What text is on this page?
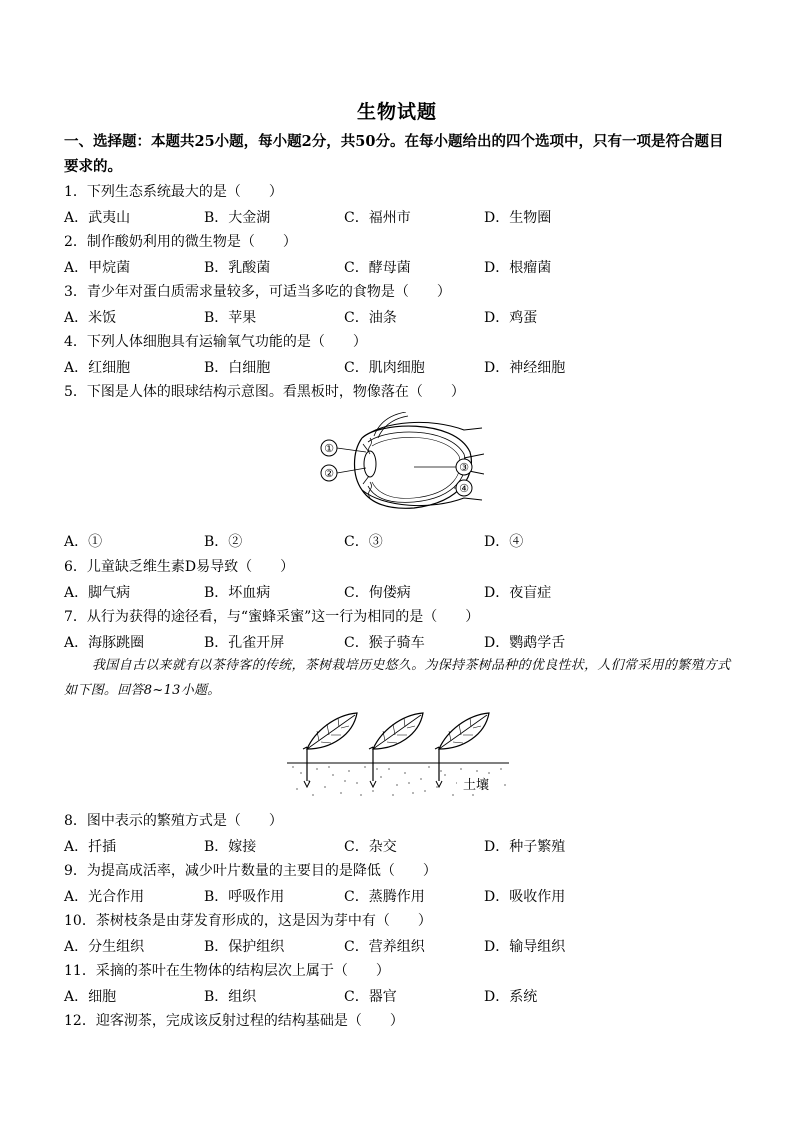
生物试题
一、选择题：本题共25小题，每小题2分，共50分。在每小题给出的四个选项中，只有一项是符合题目要求的。
1．下列生态系统最大的是（　　）
A．武夷山	B．大金湖	C．福州市	D．生物圈
2．制作酸奶利用的微生物是（　　）
A．甲烷菌	B．乳酸菌	C．酵母菌	D．根瘤菌
3．青少年对蛋白质需求量较多，可适当多吃的食物是（　　）
A．米饭	B．苹果	C．油条	D．鸡蛋
4．下列人体细胞具有运输氧气功能的是（　　）
A．红细胞	B．白细胞	C．肌肉细胞	D．神经细胞
5．下图是人体的眼球结构示意图。看黑板时，物像落在（　　）
①
②	③
④
A．①	B．②	C．③	D．④
6．儿童缺乏维生素D易导致（　　）
A．脚气病	B．坏血病	C．佝偻病	D．夜盲症
7．从行为获得的途径看，与“蜜蜂采蜜”这一行为相同的是（　　）
A．海豚跳圈	B．孔雀开屏	C．猴子骑车	D．鹦鹉学舌
我国自古以来就有以茶待客的传统，茶树栽培历史悠久。为保持茶树品种的优良性状，人们常采用的繁殖方式如下图。回答8~13小题。
土壤
8．图中表示的繁殖方式是（　　）
A．扦插	B．嫁接	C．杂交	D．种子繁殖
9．为提高成活率，减少叶片数量的主要目的是降低（　　）
A．光合作用	B．呼吸作用	C．蒸腾作用	D．吸收作用
10．茶树枝条是由芽发育形成的，这是因为芽中有（　　）
A．分生组织	B．保护组织	C．营养组织	D．输导组织
11．采摘的茶叶在生物体的结构层次上属于（　　）
A．细胞	B．组织	C．器官	D．系统
12．迎客沏茶，完成该反射过程的结构基础是（　　）
